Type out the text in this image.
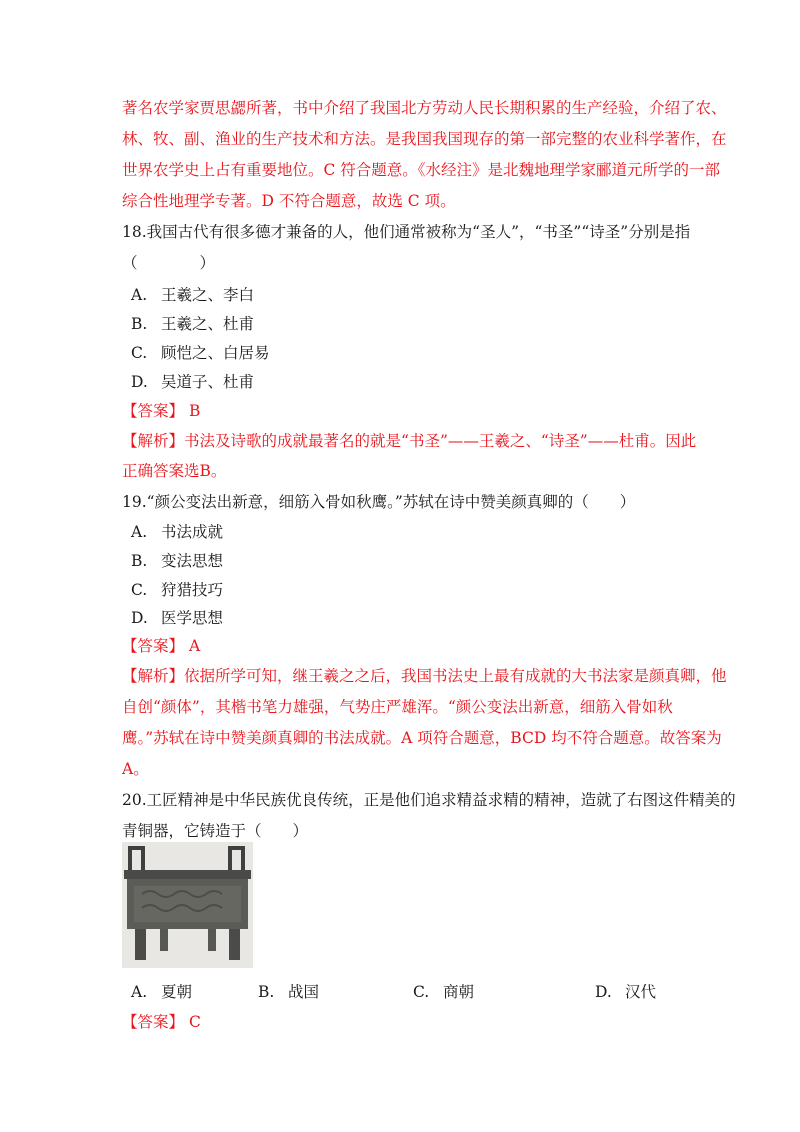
著名农学家贾思勰所著，书中介绍了我国北方劳动人民长期积累的生产经验，介绍了农、
林、牧、副、渔业的生产技术和方法。是我国我国现存的第一部完整的农业科学著作，在
世界农学史上占有重要地位。C 符合题意。《水经注》是北魏地理学家郦道元所学的一部
综合性地理学专著。D 不符合题意，故选 C 项。
18.我国古代有很多德才兼备的人，他们通常被称为“圣人”，“书圣”“诗圣”分别是指
（　　　　）
A. 王羲之、李白
B. 王羲之、杜甫
C. 顾恺之、白居易
D. 吴道子、杜甫
【答案】 B
【解析】书法及诗歌的成就最著名的就是“书圣”——王羲之、“诗圣”——杜甫。因此
正确答案选B。
19.“颜公变法出新意，细筋入骨如秋鹰。”苏轼在诗中赞美颜真卿的（　　）
A. 书法成就
B. 变法思想
C. 狩猎技巧
D. 医学思想
【答案】 A
【解析】依据所学可知，继王羲之之后，我国书法史上最有成就的大书法家是颜真卿，他
自创“颜体”，其楷书笔力雄强，气势庄严雄浑。“颜公变法出新意，细筋入骨如秋
鹰。”苏轼在诗中赞美颜真卿的书法成就。A 项符合题意，BCD 均不符合题意。故答案为
A。
20.工匠精神是中华民族优良传统，正是他们追求精益求精的精神，造就了右图这件精美的
青铜器，它铸造于（　　）
A. 夏朝	B. 战国	C. 商朝	D. 汉代
【答案】 C
